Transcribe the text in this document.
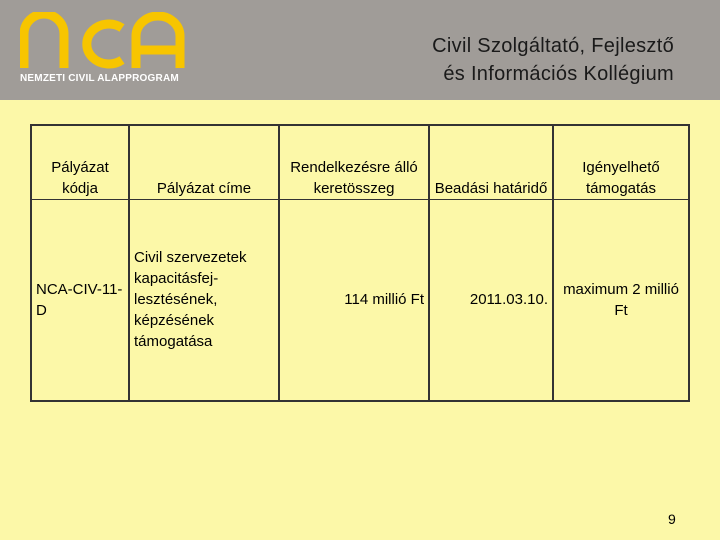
NEMZETI CIVIL ALAPPROGRAM
Civil Szolgáltató, Fejlesztő
és Információs Kollégium
Pályázat kódja	Pályázat címe	Rendelkezésre álló keretösszeg	Beadási határidő	Igényelhető támogatás
NCA-CIV-11-D	Civil szervezetek kapacitásfej-lesztésének, képzésének támogatása	114 millió Ft	2011.03.10.	maximum 2 millió Ft
9
